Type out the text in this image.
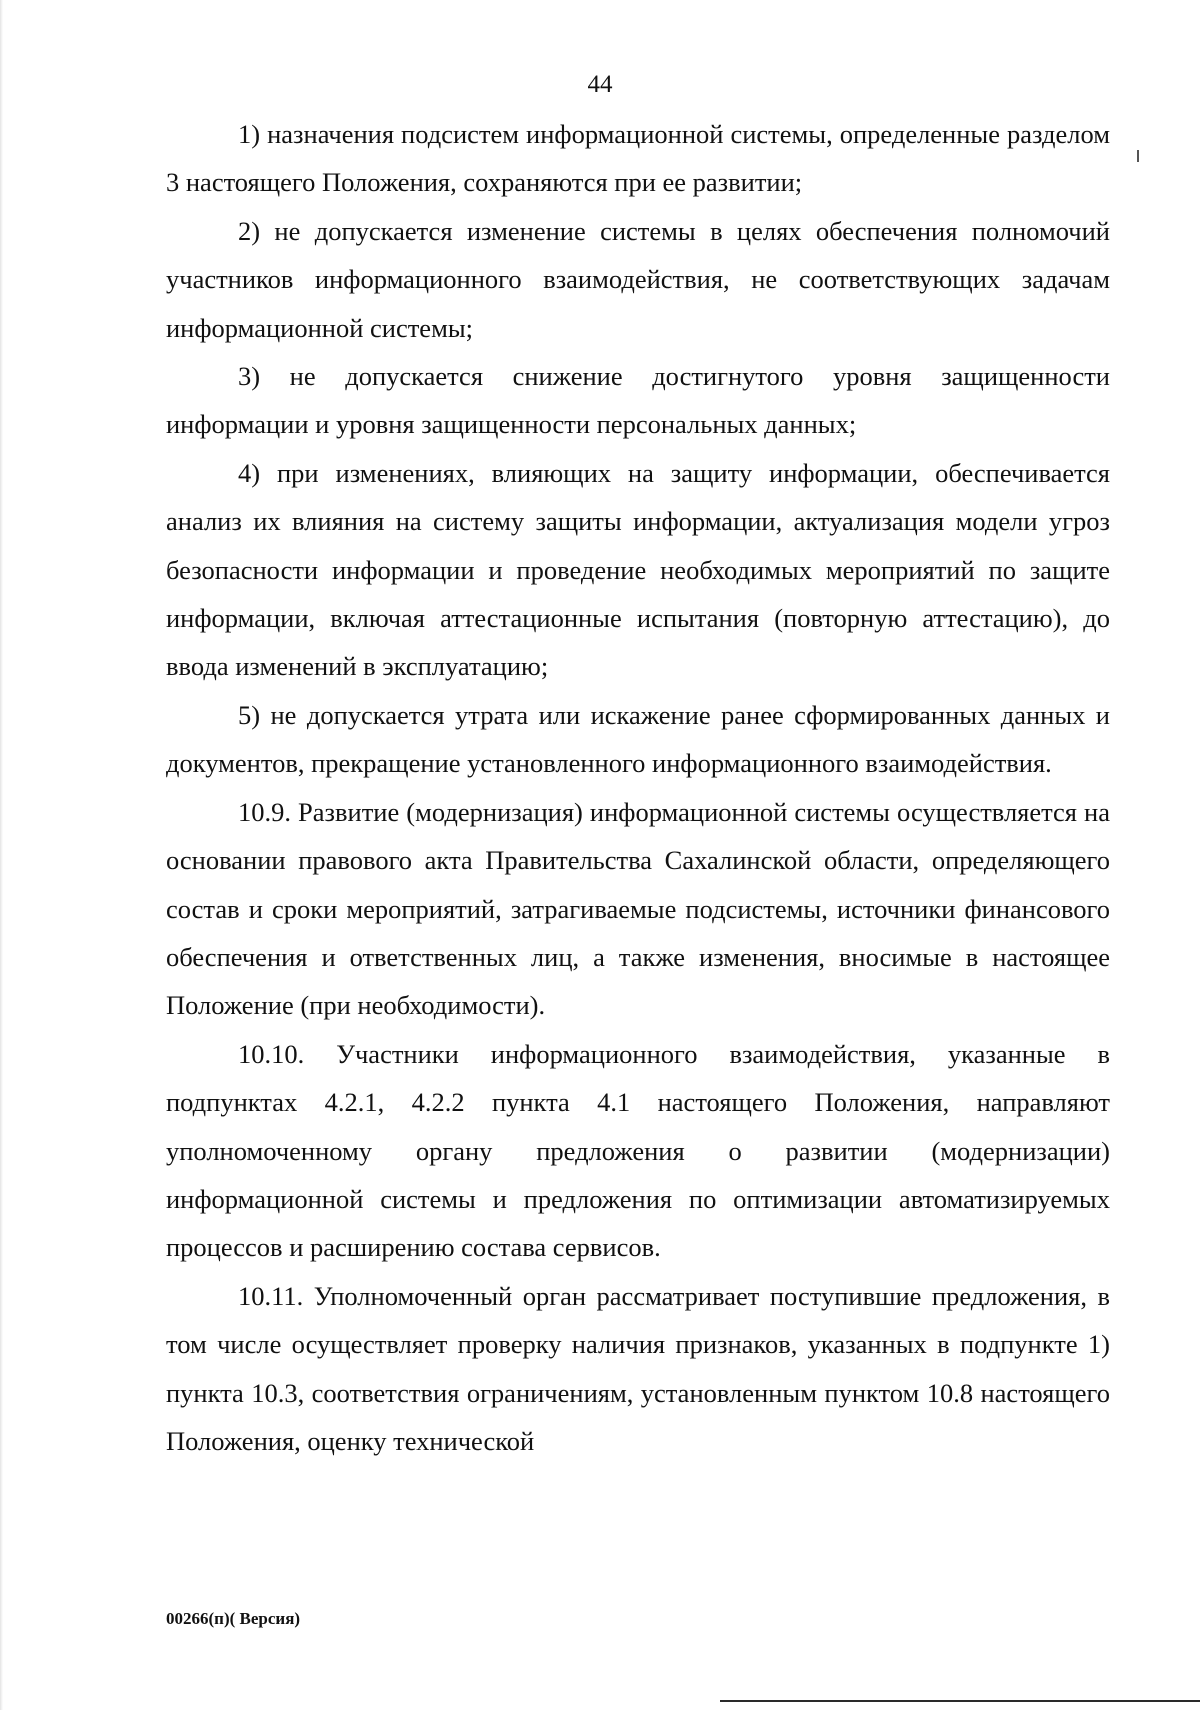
44

1) назначения подсистем информационной системы, определенные разделом 3 настоящего Положения, сохраняются при ее развитии;

2) не допускается изменение системы в целях обеспечения полномочий участников информационного взаимодействия, не соответствующих задачам информационной системы;

3) не допускается снижение достигнутого уровня защищенности информации и уровня защищенности персональных данных;

4) при изменениях, влияющих на защиту информации, обеспечивается анализ их влияния на систему защиты информации, актуализация модели угроз безопасности информации и проведение необходимых мероприятий по защите информации, включая аттестационные испытания (повторную аттестацию), до ввода изменений в эксплуатацию;

5) не допускается утрата или искажение ранее сформированных данных и документов, прекращение установленного информационного взаимодействия.

10.9. Развитие (модернизация) информационной системы осуществляется на основании правового акта Правительства Сахалинской области, определяющего состав и сроки мероприятий, затрагиваемые подсистемы, источники финансового обеспечения и ответственных лиц, а также изменения, вносимые в настоящее Положение (при необходимости).

10.10. Участники информационного взаимодействия, указанные в подпунктах 4.2.1, 4.2.2 пункта 4.1 настоящего Положения, направляют уполномоченному органу предложения о развитии (модернизации) информационной системы и предложения по оптимизации автоматизируемых процессов и расширению состава сервисов.

10.11. Уполномоченный орган рассматривает поступившие предложения, в том числе осуществляет проверку наличия признаков, указанных в подпункте 1) пункта 10.3, соответствия ограничениям, установленным пунктом 10.8 настоящего Положения, оценку технической

00266(п)( Версия)
